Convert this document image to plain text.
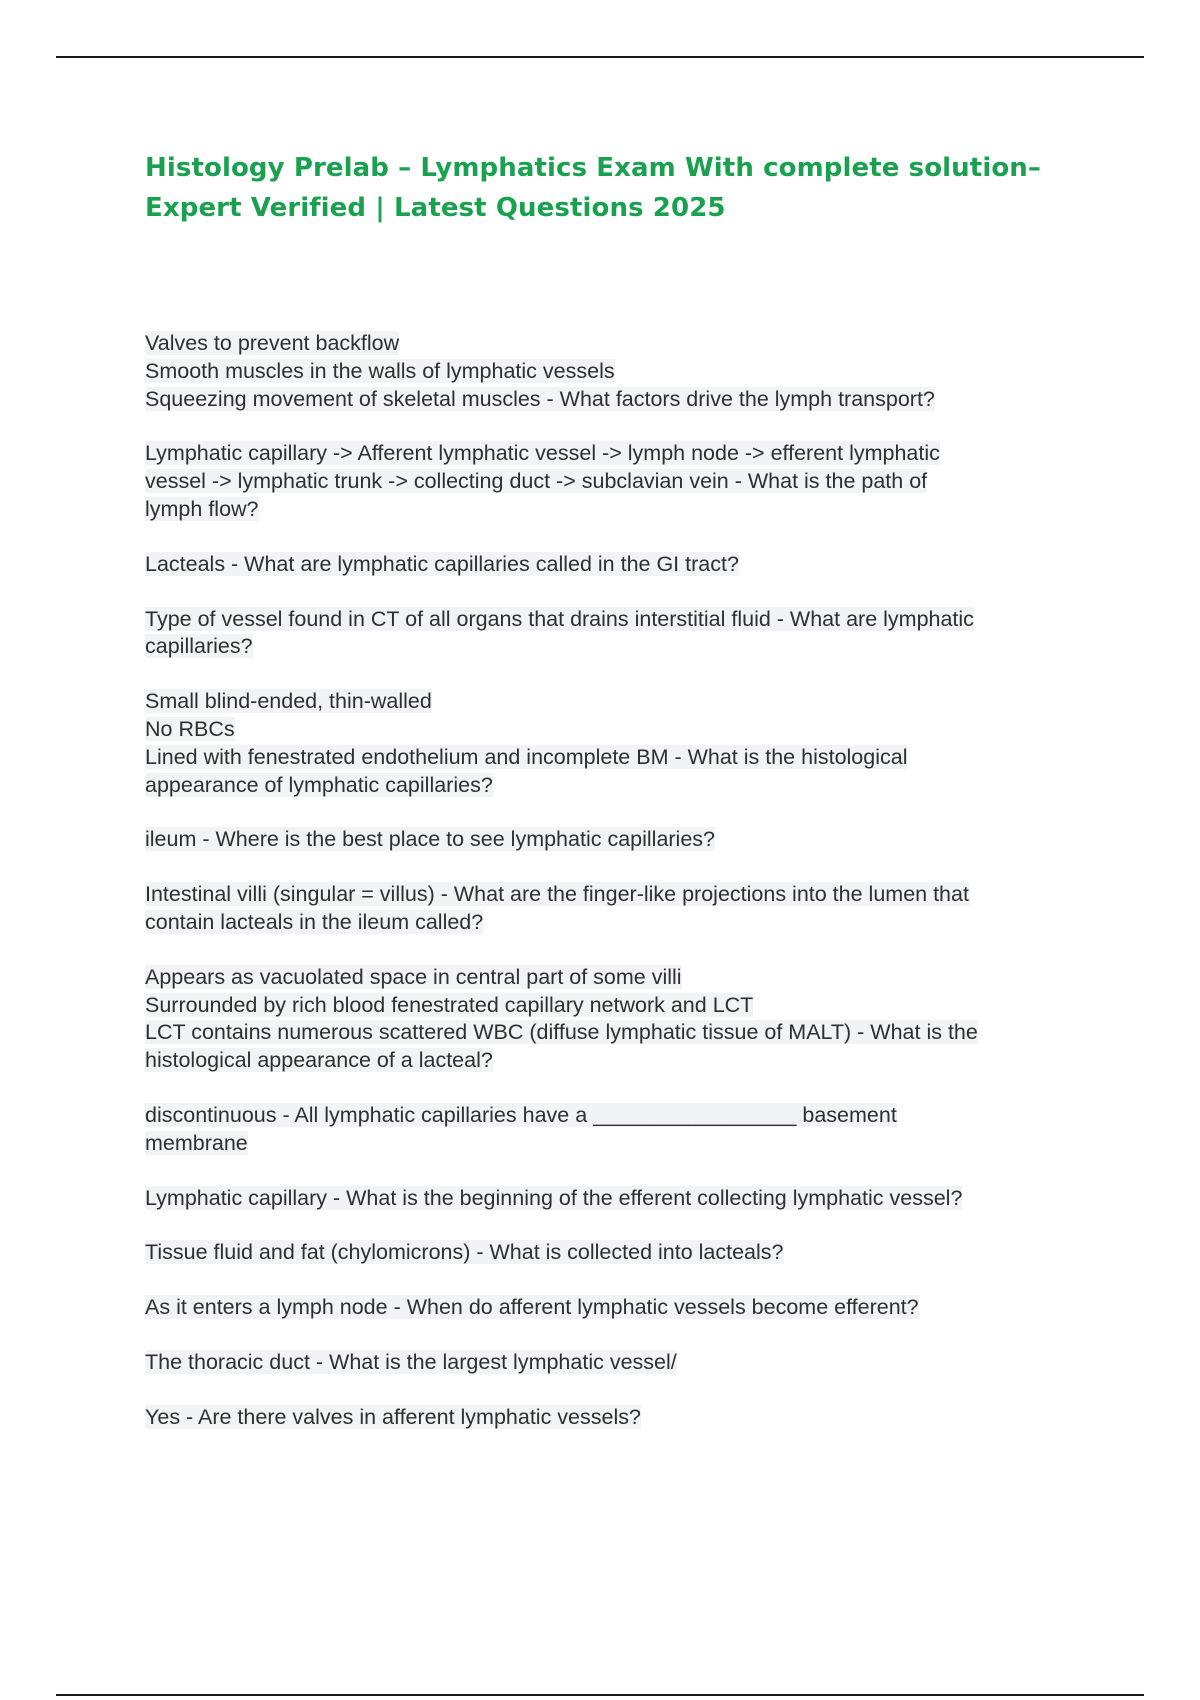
Histology Prelab – Lymphatics Exam With complete solution–
Expert Verified | Latest Questions 2025
Valves to prevent backflow
Smooth muscles in the walls of lymphatic vessels
Squeezing movement of skeletal muscles - What factors drive the lymph transport?
Lymphatic capillary -> Afferent lymphatic vessel -> lymph node -> efferent lymphatic
vessel -> lymphatic trunk -> collecting duct -> subclavian vein - What is the path of
lymph flow?
Lacteals - What are lymphatic capillaries called in the GI tract?
Type of vessel found in CT of all organs that drains interstitial fluid - What are lymphatic
capillaries?
Small blind-ended, thin-walled
No RBCs
Lined with fenestrated endothelium and incomplete BM - What is the histological
appearance of lymphatic capillaries?
ileum - Where is the best place to see lymphatic capillaries?
Intestinal villi (singular = villus) - What are the finger-like projections into the lumen that
contain lacteals in the ileum called?
Appears as vacuolated space in central part of some villi
Surrounded by rich blood fenestrated capillary network and LCT
LCT contains numerous scattered WBC (diffuse lymphatic tissue of MALT) - What is the
histological appearance of a lacteal?
discontinuous - All lymphatic capillaries have a _________________ basement
membrane
Lymphatic capillary - What is the beginning of the efferent collecting lymphatic vessel?
Tissue fluid and fat (chylomicrons) - What is collected into lacteals?
As it enters a lymph node - When do afferent lymphatic vessels become efferent?
The thoracic duct - What is the largest lymphatic vessel/
Yes - Are there valves in afferent lymphatic vessels?
